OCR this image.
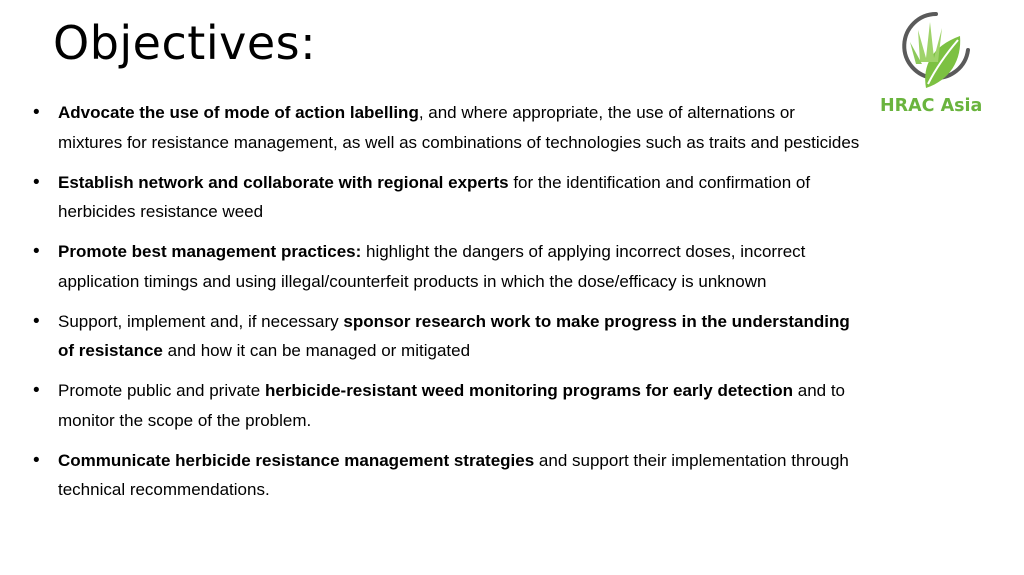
Objectives:
HRAC Asia
• Advocate the use of mode of action labelling, and where appropriate, the use of alternations or mixtures for resistance management, as well as combinations of technologies such as traits and pesticides
• Establish network and collaborate with regional experts for the identification and confirmation of herbicides resistance weed
• Promote best management practices: highlight the dangers of applying incorrect doses, incorrect application timings and using illegal/counterfeit products in which the dose/efficacy is unknown
• Support, implement and, if necessary sponsor research work to make progress in the understanding of resistance and how it can be managed or mitigated
• Promote public and private herbicide-resistant weed monitoring programs for early detection and to monitor the scope of the problem.
• Communicate herbicide resistance management strategies and support their implementation through technical recommendations.
